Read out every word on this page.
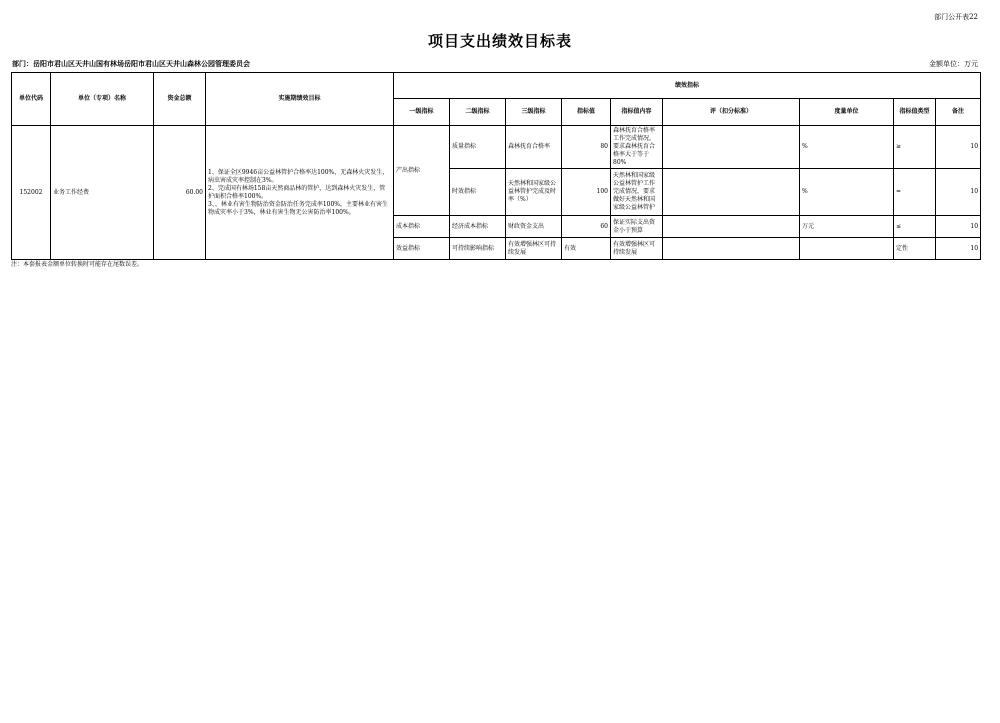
部门公开表22
项目支出绩效目标表
部门：岳阳市君山区天井山国有林场岳阳市君山区天井山森林公园管理委员会	金额单位：万元
单位代码	单位（专项）名称	资金总额	实施期绩效目标	绩效指标								
				一级指标	二级指标	三级指标	指标值	指标值内容	评（扣分标准）	度量单位	指标值类型	备注
152002	业务工作经费	60.00	1、保证全区9946亩公益林管护合格率达100%，无森林火灾发生，病虫害成灾率控制在3%。
2、完成国有林场158亩天然商品林的管护，达到森林火灾发生，管护面积合格率100%。
3、、林业有害生物防治资金防治任务完成率100%，主要林业有害生物成灾率小于3%，林业有害生物无公害防治率100%。	产出指标	质量指标	森林抚育合格率	80	森林抚育合格率工作完成情况，要求森林抚育合格率大于等于80%		%	≥	10
					时效指标	天然林和国家级公益林管护完成及时率（%）	100	天然林和国家级公益林管护工作完成情况，要求做好天然林和国家级公益林管护		%	=	10
				成本指标	经济成本指标	财政资金支出	60	保证实际支出资金小于预算		万元	≤	10
				效益指标	可持续影响指标	有效增强林区可持续发展	有效	有效增强林区可持续发展			定性	10
注：本套报表金额单位转换时可能存在尾数误差。
